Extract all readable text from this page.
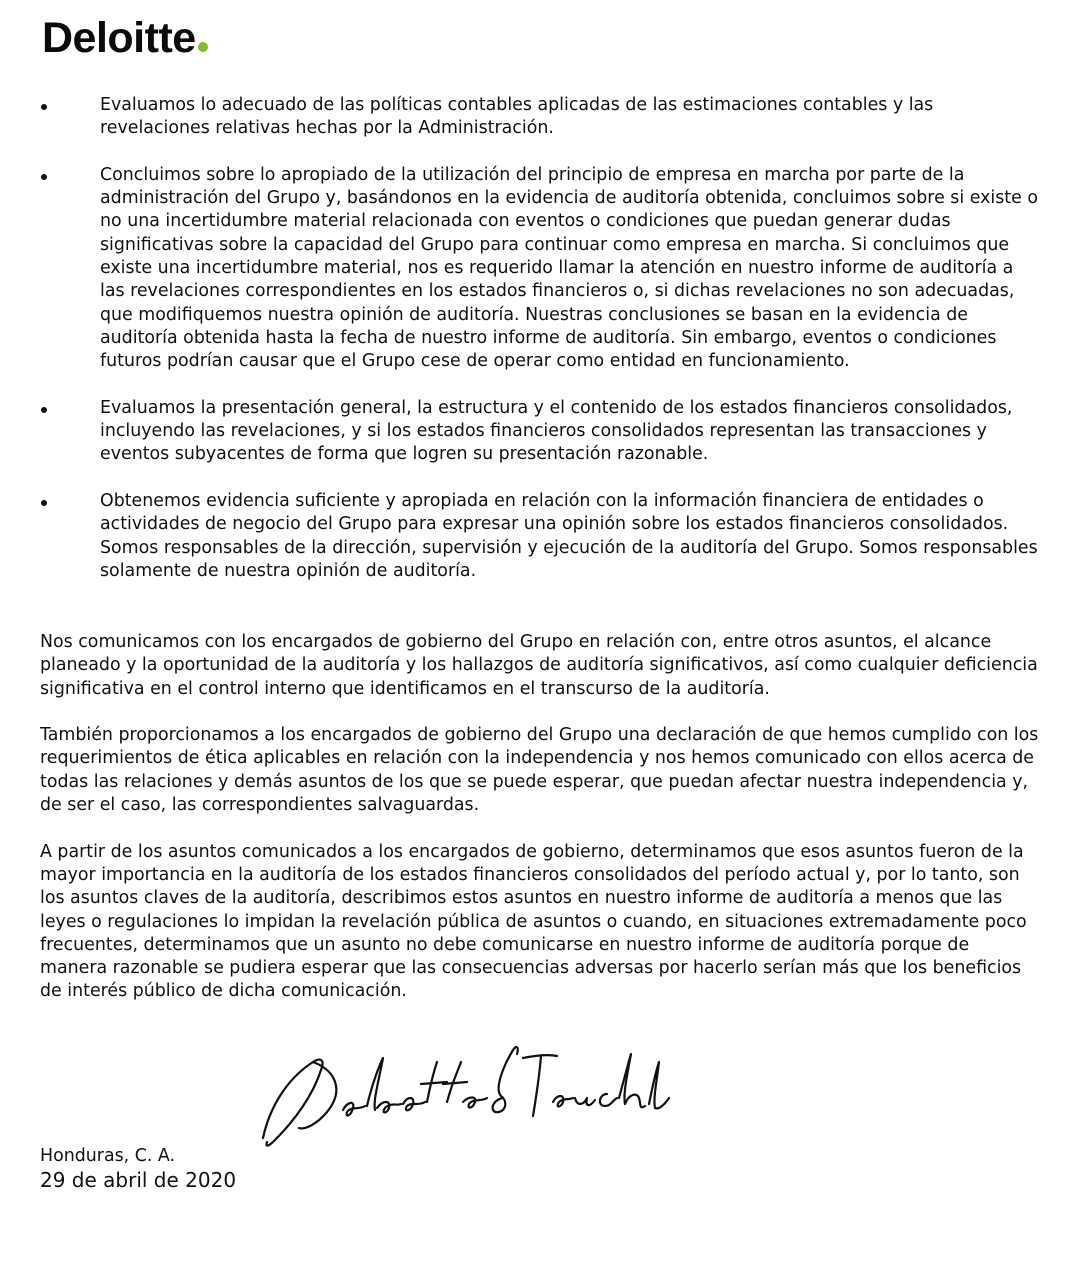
Deloitte
Evaluamos lo adecuado de las políticas contables aplicadas de las estimaciones contables y las revelaciones relativas hechas por la Administración.
Concluimos sobre lo apropiado de la utilización del principio de empresa en marcha por parte de la administración del Grupo y, basándonos en la evidencia de auditoría obtenida, concluimos sobre si existe o no una incertidumbre material relacionada con eventos o condiciones que puedan generar dudas significativas sobre la capacidad del Grupo para continuar como empresa en marcha. Si concluimos que existe una incertidumbre material, nos es requerido llamar la atención en nuestro informe de auditoría a las revelaciones correspondientes en los estados financieros o, si dichas revelaciones no son adecuadas, que modifiquemos nuestra opinión de auditoría. Nuestras conclusiones se basan en la evidencia de auditoría obtenida hasta la fecha de nuestro informe de auditoría. Sin embargo, eventos o condiciones futuros podrían causar que el Grupo cese de operar como entidad en funcionamiento.
Evaluamos la presentación general, la estructura y el contenido de los estados financieros consolidados, incluyendo las revelaciones, y si los estados financieros consolidados representan las transacciones y eventos subyacentes de forma que logren su presentación razonable.
Obtenemos evidencia suficiente y apropiada en relación con la información financiera de entidades o actividades de negocio del Grupo para expresar una opinión sobre los estados financieros consolidados. Somos responsables de la dirección, supervisión y ejecución de la auditoría del Grupo. Somos responsables solamente de nuestra opinión de auditoría.

Nos comunicamos con los encargados de gobierno del Grupo en relación con, entre otros asuntos, el alcance planeado y la oportunidad de la auditoría y los hallazgos de auditoría significativos, así como cualquier deficiencia significativa en el control interno que identificamos en el transcurso de la auditoría.

También proporcionamos a los encargados de gobierno del Grupo una declaración de que hemos cumplido con los requerimientos de ética aplicables en relación con la independencia y nos hemos comunicado con ellos acerca de todas las relaciones y demás asuntos de los que se puede esperar, que puedan afectar nuestra independencia y, de ser el caso, las correspondientes salvaguardas.

A partir de los asuntos comunicados a los encargados de gobierno, determinamos que esos asuntos fueron de la mayor importancia en la auditoría de los estados financieros consolidados del período actual y, por lo tanto, son los asuntos claves de la auditoría, describimos estos asuntos en nuestro informe de auditoría a menos que las leyes o regulaciones lo impidan la revelación pública de asuntos o cuando, en situaciones extremadamente poco frecuentes, determinamos que un asunto no debe comunicarse en nuestro informe de auditoría porque de manera razonable se pudiera esperar que las consecuencias adversas por hacerlo serían más que los beneficios de interés público de dicha comunicación.

Honduras, C. A.
29 de abril de 2020
